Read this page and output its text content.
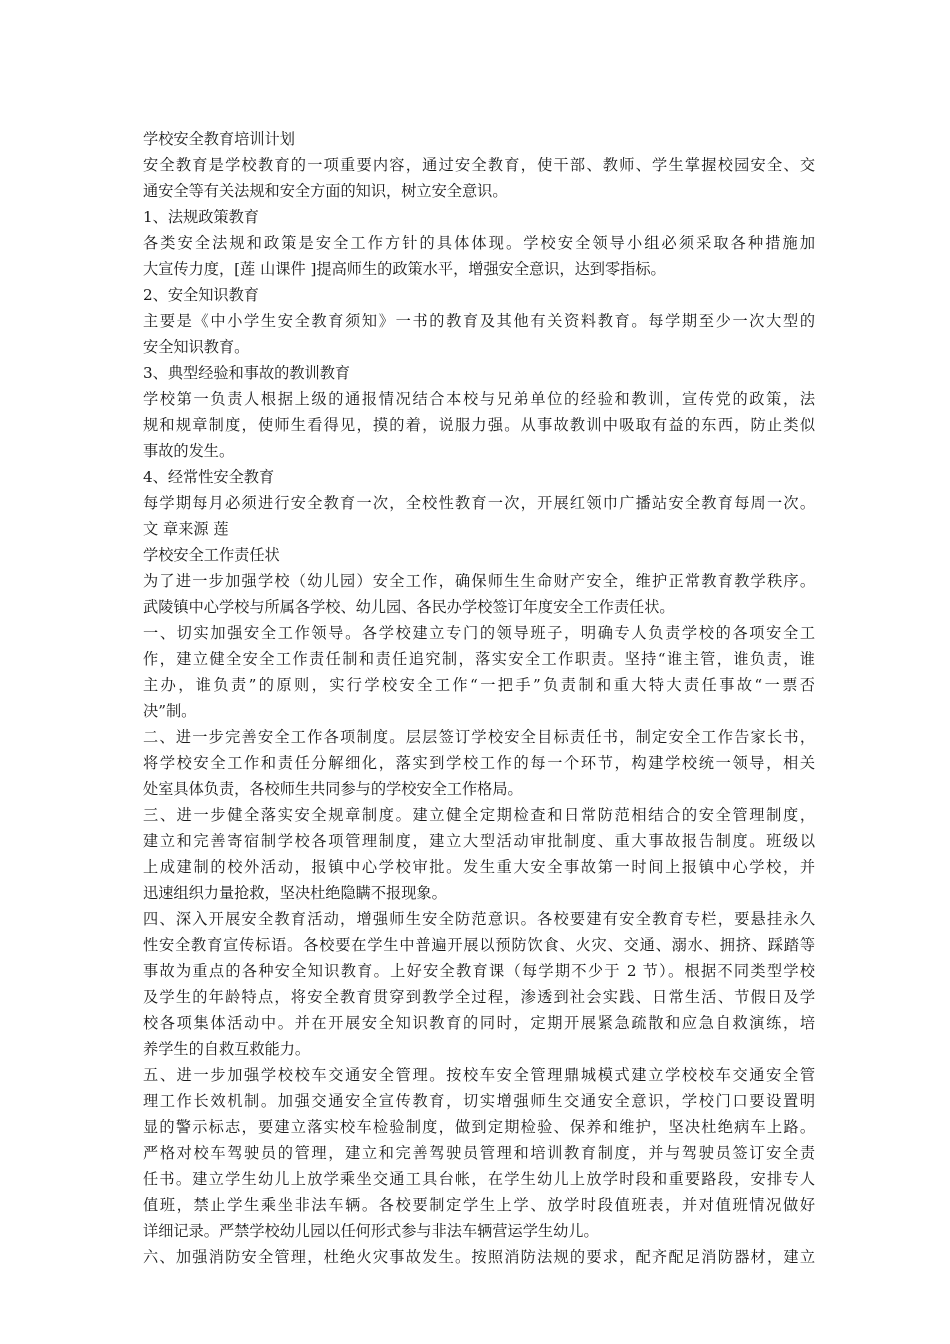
学校安全教育培训计划
安全教育是学校教育的一项重要内容，通过安全教育，使干部、教师、学生掌握校园安全、交
通安全等有关法规和安全方面的知识，树立安全意识。
1、法规政策教育
各类安全法规和政策是安全工作方针的具体体现。学校安全领导小组必须采取各种措施加
大宣传力度，[莲 山课件 ]提高师生的政策水平，增强安全意识，达到零指标。
2、安全知识教育
主要是《中小学生安全教育须知》一书的教育及其他有关资料教育。每学期至少一次大型的
安全知识教育。
3、典型经验和事故的教训教育
学校第一负责人根据上级的通报情况结合本校与兄弟单位的经验和教训，宣传党的政策，法
规和规章制度，使师生看得见，摸的着，说服力强。从事故教训中吸取有益的东西，防止类似
事故的发生。
4、经常性安全教育
每学期每月必须进行安全教育一次，全校性教育一次，开展红领巾广播站安全教育每周一次。
文 章来源 莲
学校安全工作责任状
为了进一步加强学校（幼儿园）安全工作，确保师生生命财产安全，维护正常教育教学秩序。
武陵镇中心学校与所属各学校、幼儿园、各民办学校签订年度安全工作责任状。
一、切实加强安全工作领导。各学校建立专门的领导班子，明确专人负责学校的各项安全工
作，建立健全安全工作责任制和责任追究制，落实安全工作职责。坚持“谁主管，谁负责，谁
主办，谁负责”的原则，实行学校安全工作“一把手”负责制和重大特大责任事故“一票否
决”制。
二、进一步完善安全工作各项制度。层层签订学校安全目标责任书，制定安全工作告家长书，
将学校安全工作和责任分解细化，落实到学校工作的每一个环节，构建学校统一领导，相关
处室具体负责，各校师生共同参与的学校安全工作格局。
三、进一步健全落实安全规章制度。建立健全定期检查和日常防范相结合的安全管理制度，
建立和完善寄宿制学校各项管理制度，建立大型活动审批制度、重大事故报告制度。班级以
上成建制的校外活动，报镇中心学校审批。发生重大安全事故第一时间上报镇中心学校，并
迅速组织力量抢救，坚决杜绝隐瞒不报现象。
四、深入开展安全教育活动，增强师生安全防范意识。各校要建有安全教育专栏，要悬挂永久
性安全教育宣传标语。各校要在学生中普遍开展以预防饮食、火灾、交通、溺水、拥挤、踩踏等
事故为重点的各种安全知识教育。上好安全教育课（每学期不少于 2 节）。根据不同类型学校
及学生的年龄特点，将安全教育贯穿到教学全过程，渗透到社会实践、日常生活、节假日及学
校各项集体活动中。并在开展安全知识教育的同时，定期开展紧急疏散和应急自救演练，培
养学生的自救互救能力。
五、进一步加强学校校车交通安全管理。按校车安全管理鼎城模式建立学校校车交通安全管
理工作长效机制。加强交通安全宣传教育，切实增强师生交通安全意识，学校门口要设置明
显的警示标志，要建立落实校车检验制度，做到定期检验、保养和维护，坚决杜绝病车上路。
严格对校车驾驶员的管理，建立和完善驾驶员管理和培训教育制度，并与驾驶员签订安全责
任书。建立学生幼儿上放学乘坐交通工具台帐，在学生幼儿上放学时段和重要路段，安排专人
值班，禁止学生乘坐非法车辆。各校要制定学生上学、放学时段值班表，并对值班情况做好
详细记录。严禁学校幼儿园以任何形式参与非法车辆营运学生幼儿。
六、加强消防安全管理，杜绝火灾事故发生。按照消防法规的要求，配齐配足消防器材，建立
